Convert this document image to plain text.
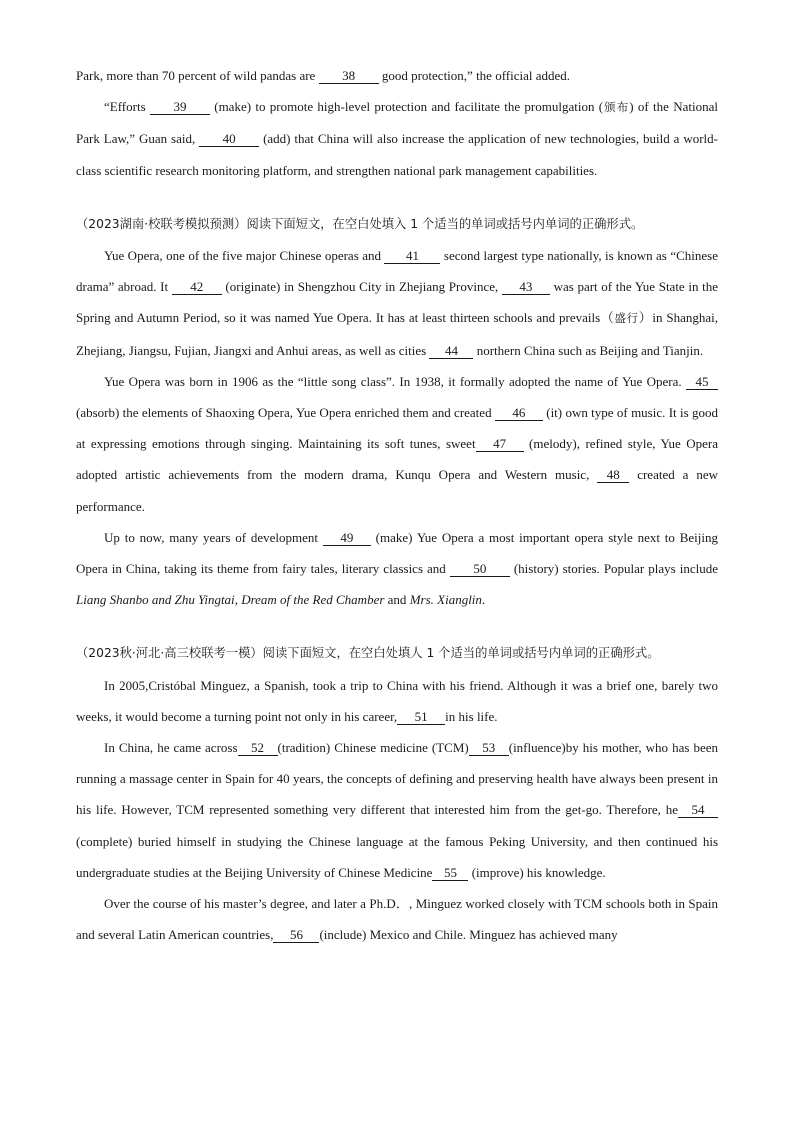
Park, more than 70 percent of wild pandas are 38 good protection,” the official added.

“Efforts 39 (make) to promote high-level protection and facilitate the promulgation (颁布) of the National Park Law,” Guan said, 40 (add) that China will also increase the application of new technologies, build a world-class scientific research monitoring platform, and strengthen national park management capabilities.

（2023湖南·校联考模拟预测）阅读下面短文，在空白处填入 1 个适当的单词或括号内单词的正确形式。

Yue Opera, one of the five major Chinese operas and 41 second largest type nationally, is known as “Chinese drama” abroad. It 42 (originate) in Shengzhou City in Zhejiang Province, 43 was part of the Yue State in the Spring and Autumn Period, so it was named Yue Opera. It has at least thirteen schools and prevails（盛行）in Shanghai, Zhejiang, Jiangsu, Fujian, Jiangxi and Anhui areas, as well as cities 44 northern China such as Beijing and Tianjin.

Yue Opera was born in 1906 as the “little song class”. In 1938, it formally adopted the name of Yue Opera. 45 (absorb) the elements of Shaoxing Opera, Yue Opera enriched them and created 46 (it) own type of music. It is good at expressing emotions through singing. Maintaining its soft tunes, sweet 47 (melody), refined style, Yue Opera adopted artistic achievements from the modern drama, Kunqu Opera and Western music, 48 created a new performance.

Up to now, many years of development 49 (make) Yue Opera a most important opera style next to Beijing Opera in China, taking its theme from fairy tales, literary classics and 50 (history) stories. Popular plays include Liang Shanbo and Zhu Yingtai, Dream of the Red Chamber and Mrs. Xianglin.

（2023秋·河北·高三校联考一模）阅读下面短文，在空白处填人 1 个适当的单词或括号内单词的正确形式。

In 2005,Cristóbal Minguez, a Spanish, took a trip to China with his friend. Although it was a brief one, barely two weeks, it would become a turning point not only in his career, 51 in his life.

In China, he came across 52 (tradition) Chinese medicine (TCM) 53 (influence)by his mother, who has been running a massage center in Spain for 40 years, the concepts of defining and preserving health have always been present in his life. However, TCM represented something very different that interested him from the get-go. Therefore, he 54(complete) buried himself in studying the Chinese language at the famous Peking University, and then continued his undergraduate studies at the Beijing University of Chinese Medicine 55 (improve) his knowledge.

Over the course of his master’s degree, and later a Ph.D．, Minguez worked closely with TCM schools both in Spain and several Latin American countries, 56 (include) Mexico and Chile. Minguez has achieved many
